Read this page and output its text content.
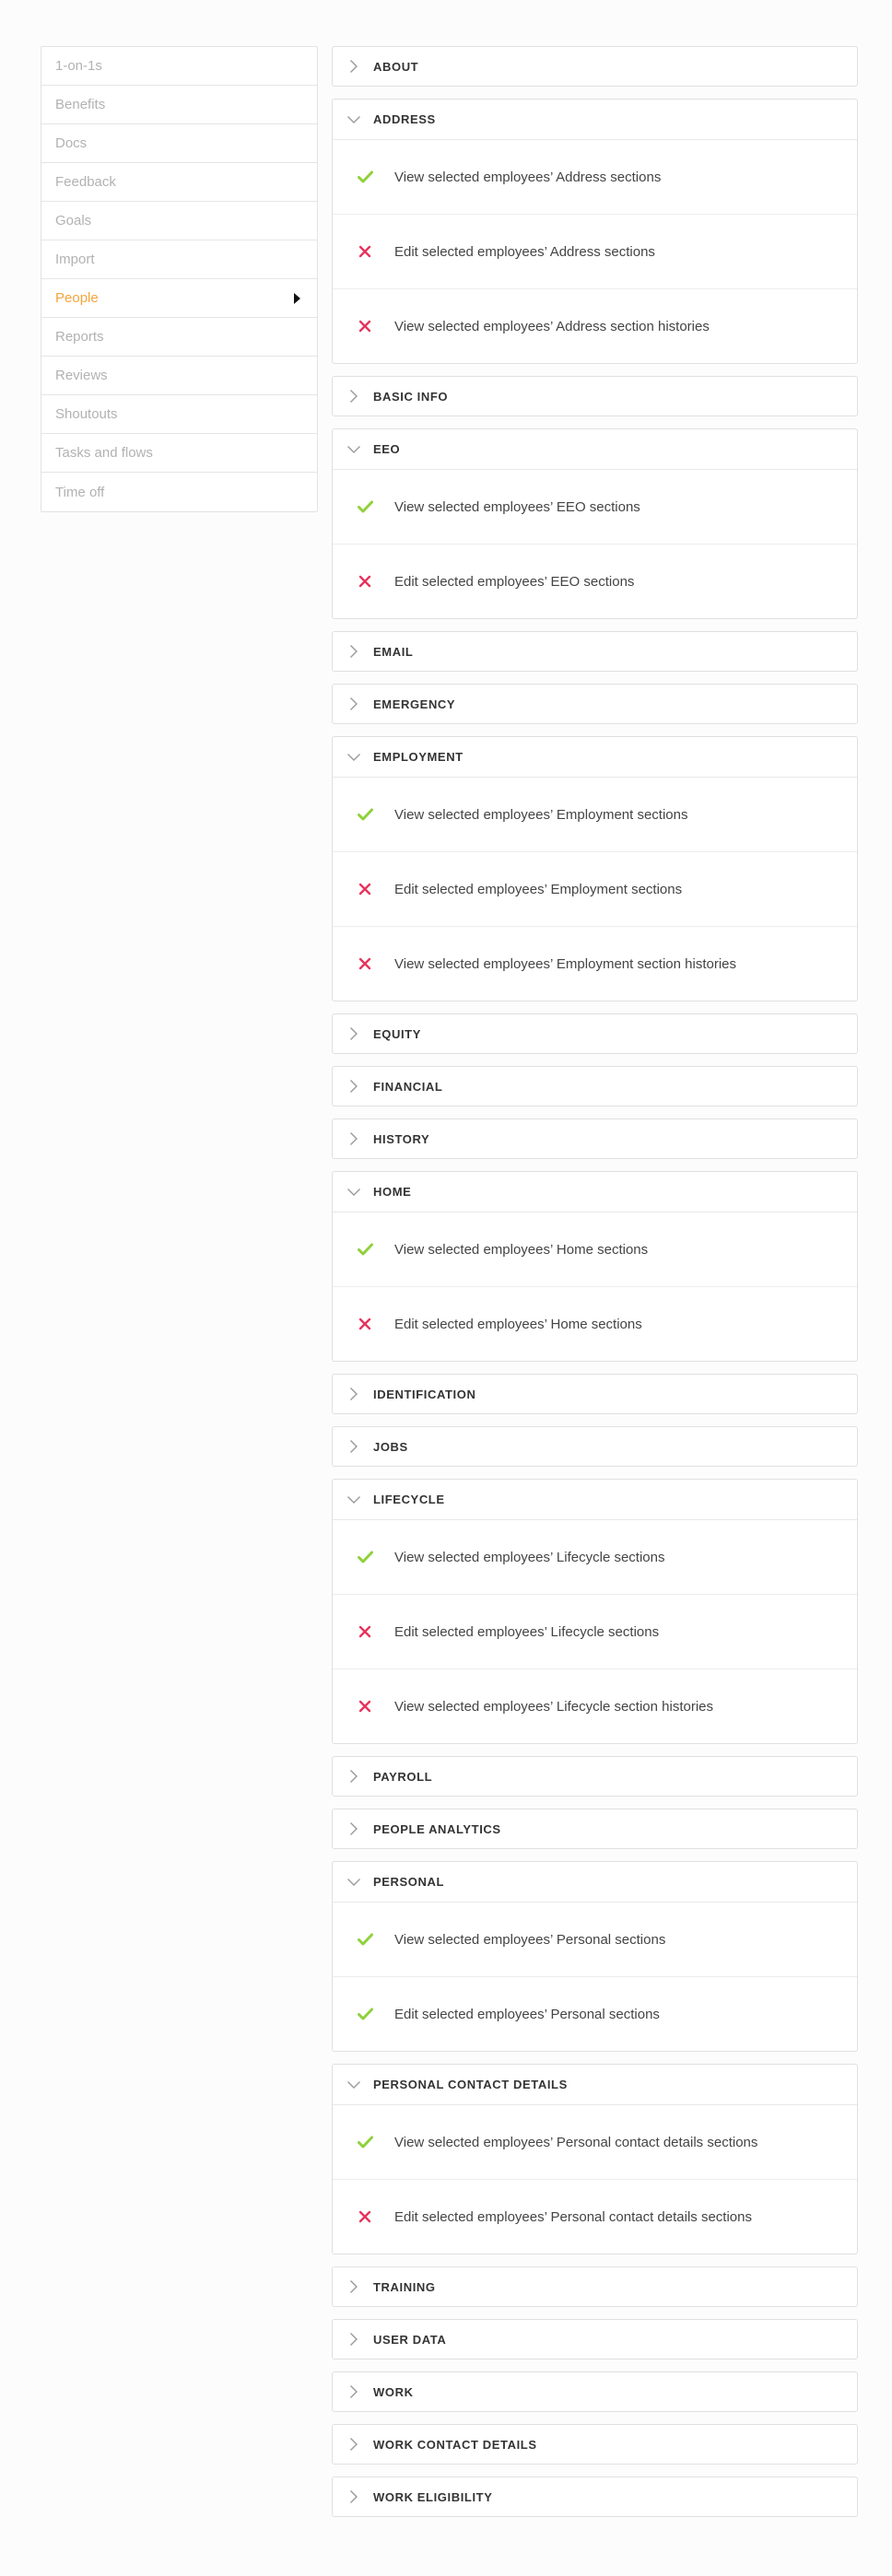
1-on-1s
Benefits
Docs
Feedback
Goals
Import
People
Reports
Reviews
Shoutouts
Tasks and flows
Time off
ABOUT
ADDRESS
View selected employees’ Address sections
Edit selected employees’ Address sections
View selected employees’ Address section histories
BASIC INFO
EEO
View selected employees’ EEO sections
Edit selected employees’ EEO sections
EMAIL
EMERGENCY
EMPLOYMENT
View selected employees’ Employment sections
Edit selected employees’ Employment sections
View selected employees’ Employment section histories
EQUITY
FINANCIAL
HISTORY
HOME
View selected employees’ Home sections
Edit selected employees’ Home sections
IDENTIFICATION
JOBS
LIFECYCLE
View selected employees’ Lifecycle sections
Edit selected employees’ Lifecycle sections
View selected employees’ Lifecycle section histories
PAYROLL
PEOPLE ANALYTICS
PERSONAL
View selected employees’ Personal sections
Edit selected employees’ Personal sections
PERSONAL CONTACT DETAILS
View selected employees’ Personal contact details sections
Edit selected employees’ Personal contact details sections
TRAINING
USER DATA
WORK
WORK CONTACT DETAILS
WORK ELIGIBILITY
